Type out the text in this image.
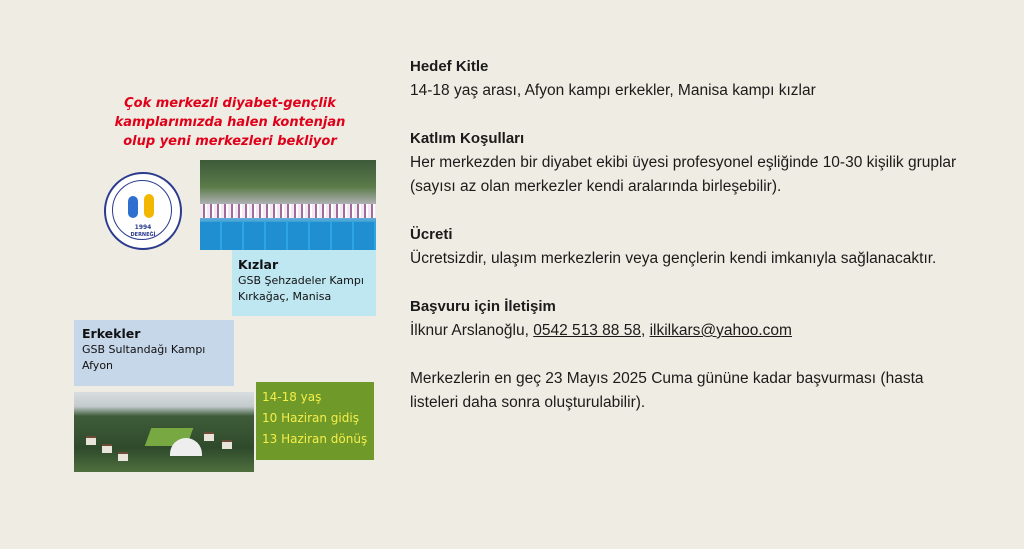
Çok merkezli diyabet-gençlik
kamplarımızda halen kontenjan
olup yeni merkezleri bekliyor
1994
DERNEĞİ
Kızlar
GSB Şehzadeler Kampı
Kırkağaç, Manisa
Erkekler
GSB Sultandağı Kampı
Afyon
14-18 yaş
10 Haziran gidiş
13 Haziran dönüş
Hedef Kitle
14-18 yaş arası, Afyon kampı erkekler, Manisa kampı kızlar
Katlım Koşulları
Her merkezden bir diyabet ekibi üyesi profesyonel eşliğinde 10-30 kişilik gruplar (sayısı az olan merkezler kendi aralarında birleşebilir).
Ücreti
Ücretsizdir, ulaşım merkezlerin veya gençlerin kendi imkanıyla sağlanacaktır.
Başvuru için İletişim
İlknur Arslanoğlu, 0542 513 88 58, ilkilkars@yahoo.com
Merkezlerin en geç 23 Mayıs 2025 Cuma gününe kadar başvurması (hasta listeleri daha sonra oluşturulabilir).
